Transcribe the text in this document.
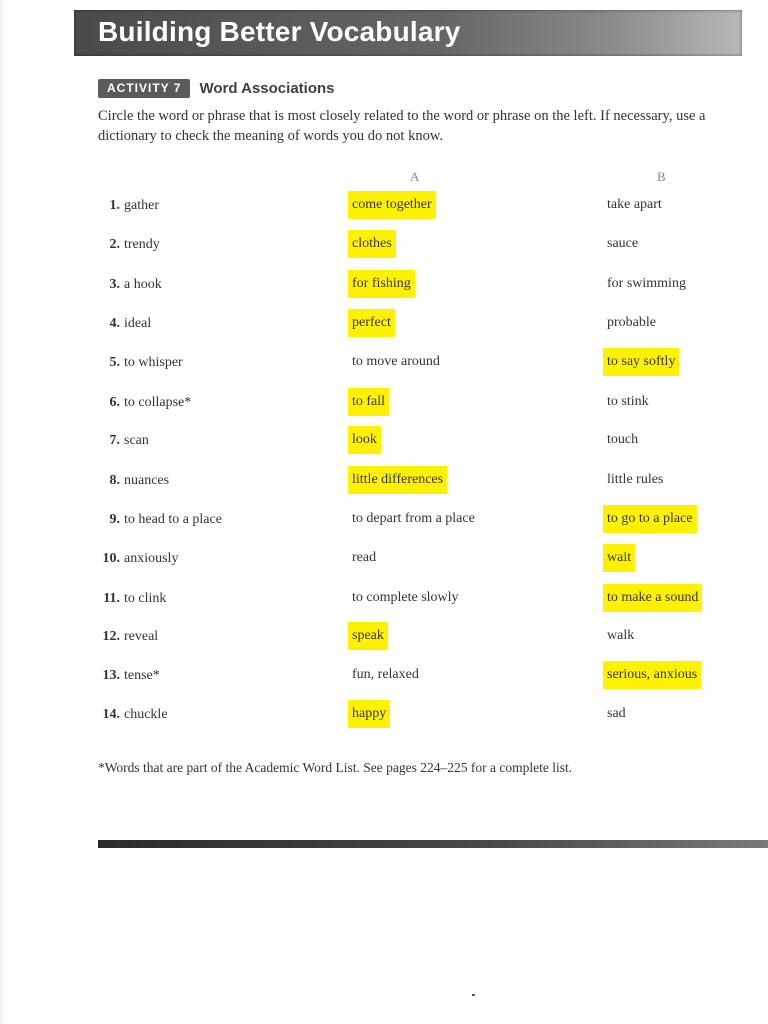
Building Better Vocabulary
ACTIVITY 7	Word Associations
Circle the word or phrase that is most closely related to the word or phrase on the left. If necessary, use a dictionary to check the meaning of words you do not know.
A	B
1. gather	come together	take apart
2. trendy	clothes	sauce
3. a hook	for fishing	for swimming
4. ideal	perfect	probable
5. to whisper	to move around	to say softly
6. to collapse*	to fall	to stink
7. scan	look	touch
8. nuances	little differences	little rules
9. to head to a place	to depart from a place	to go to a place
10. anxiously	read	wait
11. to clink	to complete slowly	to make a sound
12. reveal	speak	walk
13. tense*	fun, relaxed	serious, anxious
14. chuckle	happy	sad
*Words that are part of the Academic Word List. See pages 224–225 for a complete list.
